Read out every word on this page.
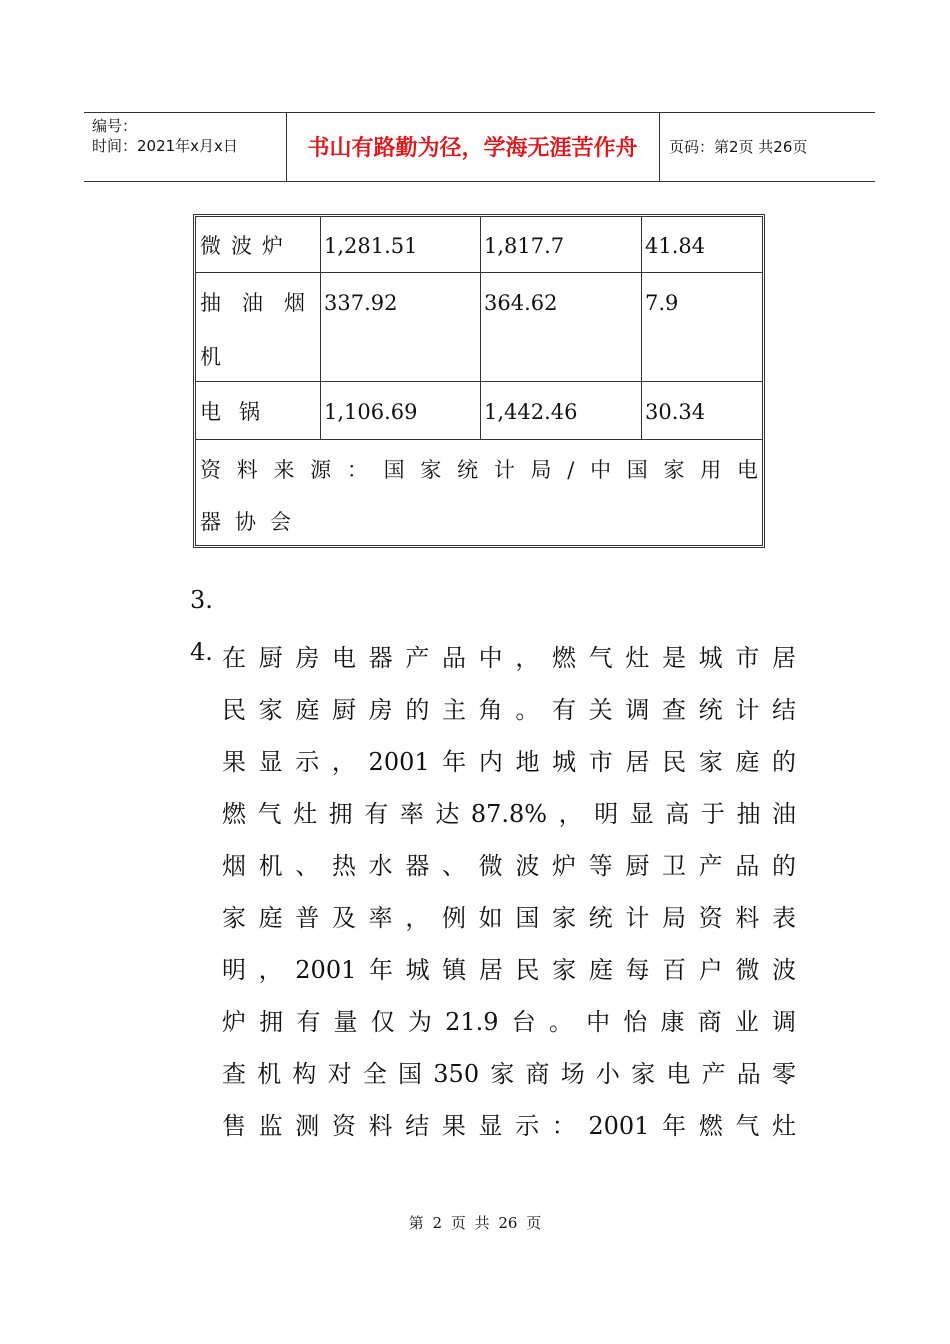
编号：
时间：2021年x月x日	书山有路勤为径，学海无涯苦作舟	页码：第2页 共26页
微波炉 1,281.51	1,817.7	41.84
抽　油　烟
机
337.92	364.62	7.9
电锅 1,106.69	1,442.46	30.34
资料来源：国家统计局/中国家用电
器协会
3.
4. 在厨房电器产品中，燃气灶是城市居
民家庭厨房的主角。有关调查统计结
果显示，2001年内地城市居民家庭的
燃气灶拥有率达87.8%，明显高于抽油
烟机、热水器、微波炉等厨卫产品的
家庭普及率，例如国家统计局资料表
明，2001年城镇居民家庭每百户微波
炉拥有量仅为21.9台。中怡康商业调
查机构对全国350家商场小家电产品零
售监测资料结果显示：2001年燃气灶
第 2 页 共 26 页
